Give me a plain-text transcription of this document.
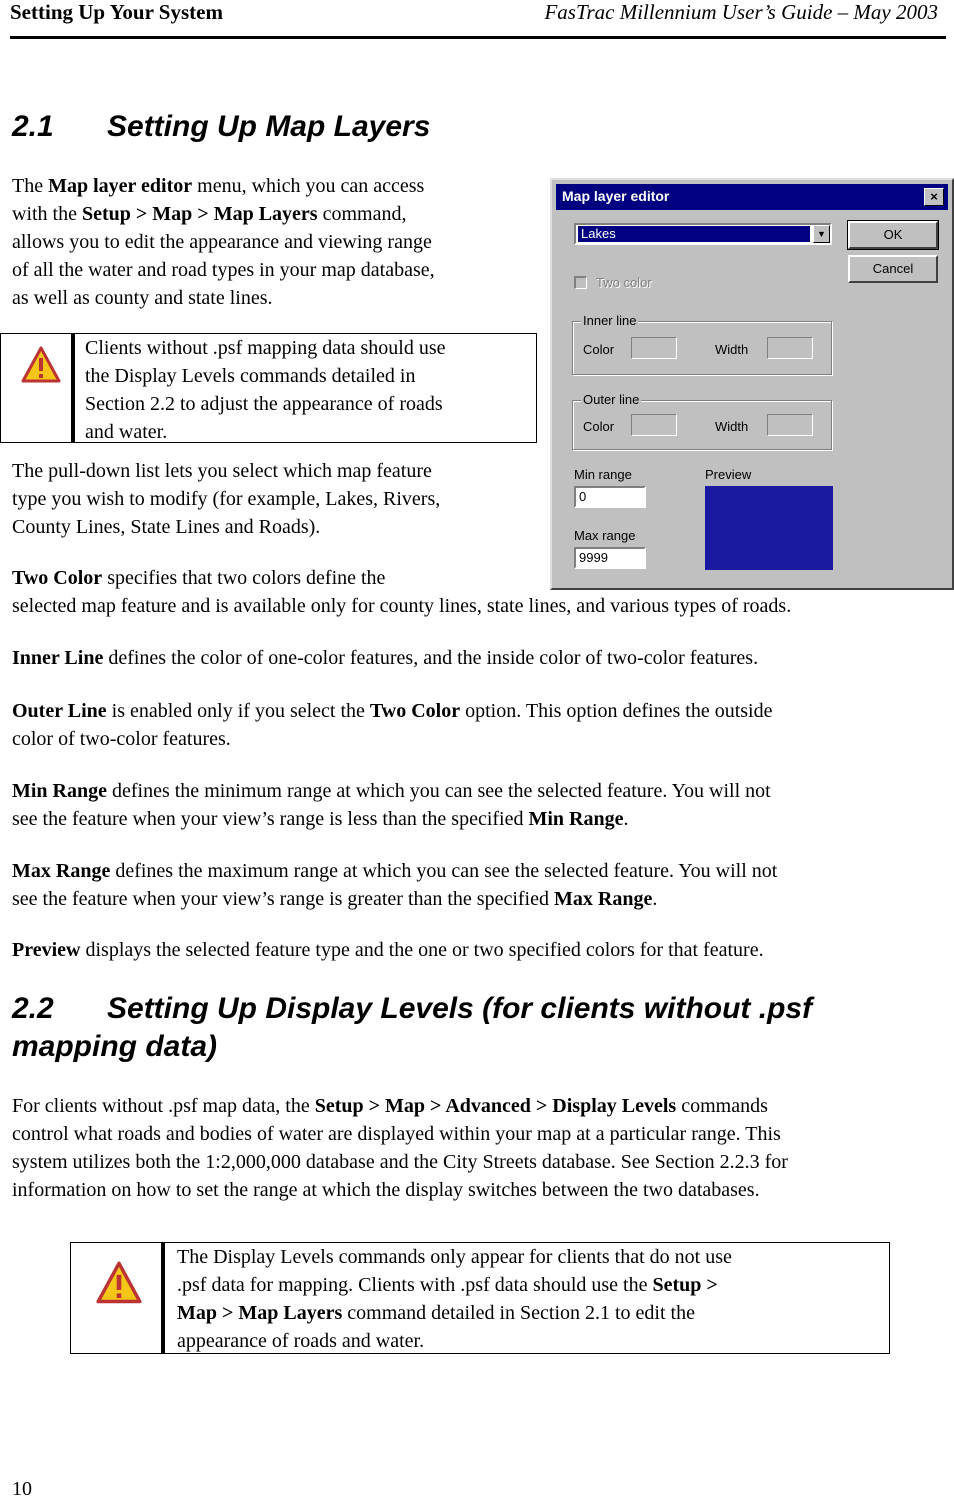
Setting Up Your System	FasTrac Millennium User’s Guide – May 2003
2.1 Setting Up Map Layers
The Map layer editor menu, which you can access
with the Setup > Map > Map Layers command,
allows you to edit the appearance and viewing range
of all the water and road types in your map database,
as well as county and state lines.
Clients without .psf mapping data should use
the Display Levels commands detailed in
Section 2.2 to adjust the appearance of roads
and water.
The pull-down list lets you select which map feature
type you wish to modify (for example, Lakes, Rivers,
County Lines, State Lines and Roads).
Two Color specifies that two colors define the
selected map feature and is available only for county lines, state lines, and various types of roads.
Inner Line defines the color of one-color features, and the inside color of two-color features.
Outer Line is enabled only if you select the Two Color option. This option defines the outside
color of two-color features.
Min Range defines the minimum range at which you can see the selected feature. You will not
see the feature when your view’s range is less than the specified Min Range.
Max Range defines the maximum range at which you can see the selected feature. You will not
see the feature when your view’s range is greater than the specified Max Range.
Preview displays the selected feature type and the one or two specified colors for that feature.
Map layer editor	×
Lakes	▼	OK
Cancel
Two color
Inner line
Color	Width
Outer line
Color	Width
Min range
0
Max range
9999
Preview
2.2 Setting Up Display Levels (for clients without .psf
mapping data)
For clients without .psf map data, the Setup > Map > Advanced > Display Levels commands
control what roads and bodies of water are displayed within your map at a particular range. This
system utilizes both the 1:2,000,000 database and the City Streets database. See Section 2.2.3 for
information on how to set the range at which the display switches between the two databases.
The Display Levels commands only appear for clients that do not use
.psf data for mapping. Clients with .psf data should use the Setup >
Map > Map Layers command detailed in Section 2.1 to edit the
appearance of roads and water.
10
